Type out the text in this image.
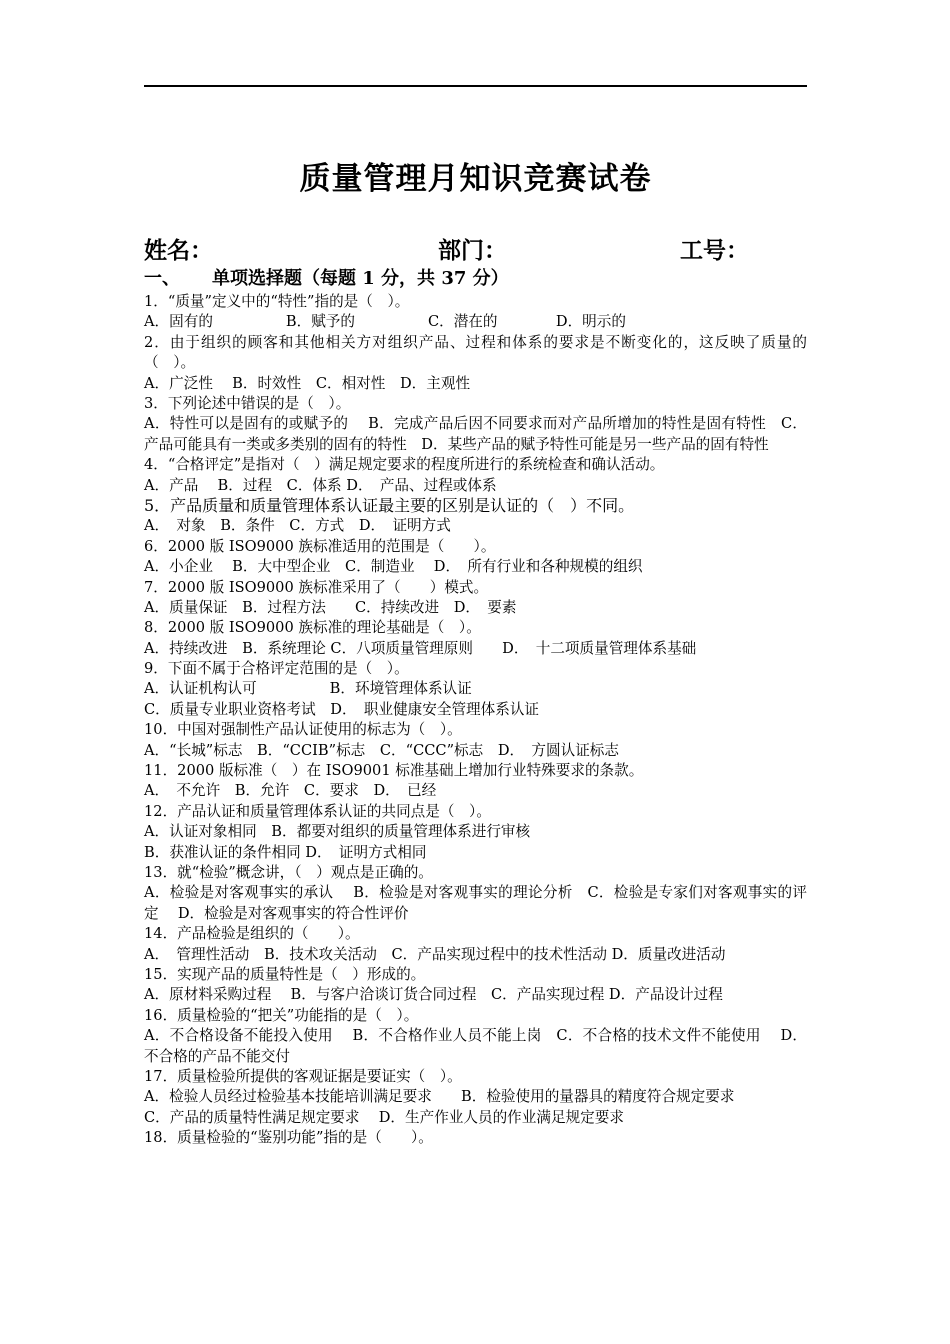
质量管理月知识竞赛试卷
姓名：	部门：	工号：
一、 单项选择题（每题 1 分，共 37 分）
1．“质量”定义中的“特性”指的是（　）。
A．固有的　　　　　B．赋予的　　　　　C．潜在的　　　　D．明示的
2．由于组织的顾客和其他相关方对组织产品、过程和体系的要求是不断变化的，这反映了质量的（　）。
A．广泛性　 B．时效性　C．相对性　D．主观性
3．下列论述中错误的是（　）。
A．特性可以是固有的或赋予的　 B．完成产品后因不同要求而对产品所增加的特性是固有特性　C．产品可能具有一类或多类别的固有的特性　D．某些产品的赋予特性可能是另一些产品的固有特性
4．“合格评定”是指对（　）满足规定要求的程度所进行的系统检查和确认活动。
A．产品　 B．过程　C．体系 D．　产品、过程或体系
5．产品质量和质量管理体系认证最主要的区别是认证的（　）不同。
A．　对象　B．条件　C．方式　D．　证明方式
6．2000 版 ISO9000 族标准适用的范围是（　　）。
A．小企业　 B．大中型企业　C．制造业　 D．　所有行业和各种规模的组织
7．2000 版 ISO9000 族标准采用了（　　）模式。
A．质量保证　B．过程方法　　C．持续改进　D．　要素
8．2000 版 ISO9000 族标准的理论基础是（　）。
A．持续改进　B．系统理论 C．八项质量管理原则　　D．　十二项质量管理体系基础
9．下面不属于合格评定范围的是（　）。
A．认证机构认可　　　　　B．环境管理体系认证
C．质量专业职业资格考试　D．　职业健康安全管理体系认证
10．中国对强制性产品认证使用的标志为（　）。
A．“长城”标志　B．“CCIB”标志　C．“CCC”标志　D．　方圆认证标志
11．2000 版标准（　）在 ISO9001 标准基础上增加行业特殊要求的条款。
A．　不允许　B．允许　C．要求　D．　已经
12．产品认证和质量管理体系认证的共同点是（　）。
A．认证对象相同　B．都要对组织的质量管理体系进行审核
B．获准认证的条件相同 D．　证明方式相同
13．就“检验”概念讲，（　）观点是正确的。
A．检验是对客观事实的承认　 B．检验是对客观事实的理论分析　C．检验是专家们对客观事实的评定　 D．检验是对客观事实的符合性评价
14．产品检验是组织的（　　）。
A．　管理性活动　B．技术攻关活动　C．产品实现过程中的技术性活动 D．质量改进活动
15．实现产品的质量特性是（　）形成的。
A．原材料采购过程　 B．与客户洽谈订货合同过程　C．产品实现过程 D．产品设计过程
16．质量检验的“把关”功能指的是（　）。
A．不合格设备不能投入使用　 B．不合格作业人员不能上岗　C．不合格的技术文件不能使用　 D．不合格的产品不能交付
17．质量检验所提供的客观证据是要证实（　）。
A．检验人员经过检验基本技能培训满足要求　　B．检验使用的量器具的精度符合规定要求
C．产品的质量特性满足规定要求　 D．生产作业人员的作业满足规定要求
18．质量检验的“鉴别功能”指的是（　　）。
